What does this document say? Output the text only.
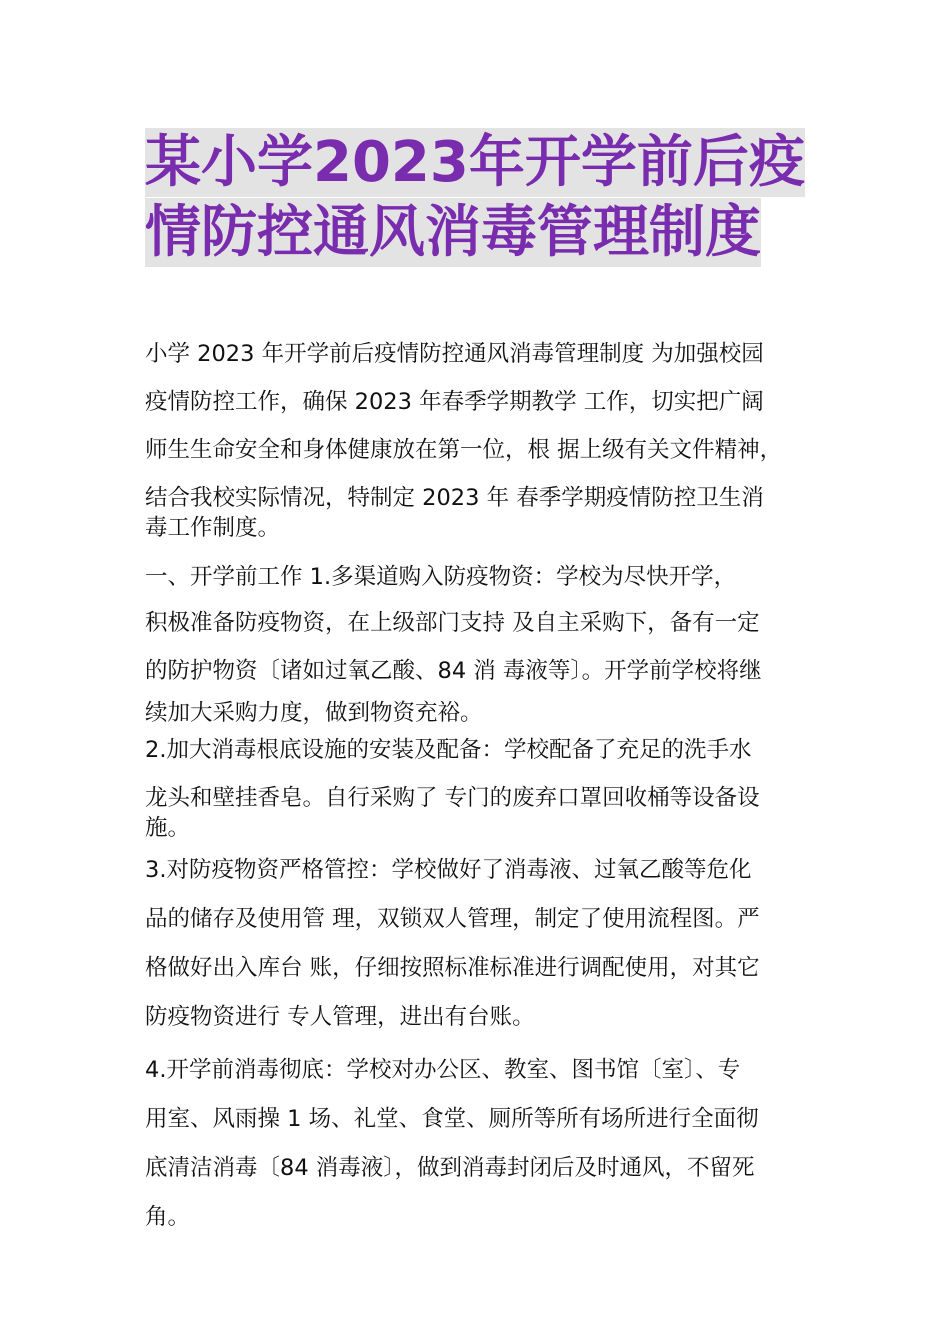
某小学2023年开学前后疫
情防控通风消毒管理制度
小学 2023 年开学前后疫情防控通风消毒管理制度 为加强校园
疫情防控工作，确保 2023 年春季学期教学 工作，切实把广阔
师生生命安全和身体健康放在第一位，根 据上级有关文件精神，
结合我校实际情况，特制定 2023 年 春季学期疫情防控卫生消
毒工作制度。
一、开学前工作 1.多渠道购入防疫物资：学校为尽快开学，
积极准备防疫物资，在上级部门支持 及自主采购下，备有一定
的防护物资〔诸如过氧乙酸、84 消 毒液等〕。开学前学校将继
续加大采购力度，做到物资充裕。
2.加大消毒根底设施的安装及配备：学校配备了充足的洗手水
龙头和壁挂香皂。自行采购了 专门的废弃口罩回收桶等设备设
施。
3.对防疫物资严格管控：学校做好了消毒液、过氧乙酸等危化
品的储存及使用管 理，双锁双人管理，制定了使用流程图。严
格做好出入库台 账，仔细按照标准标准进行调配使用，对其它
防疫物资进行 专人管理，进出有台账。
4.开学前消毒彻底：学校对办公区、教室、图书馆〔室〕、专
用室、风雨操 1 场、礼堂、食堂、厕所等所有场所进行全面彻
底清洁消毒〔84 消毒液〕，做到消毒封闭后及时通风，不留死
角。
